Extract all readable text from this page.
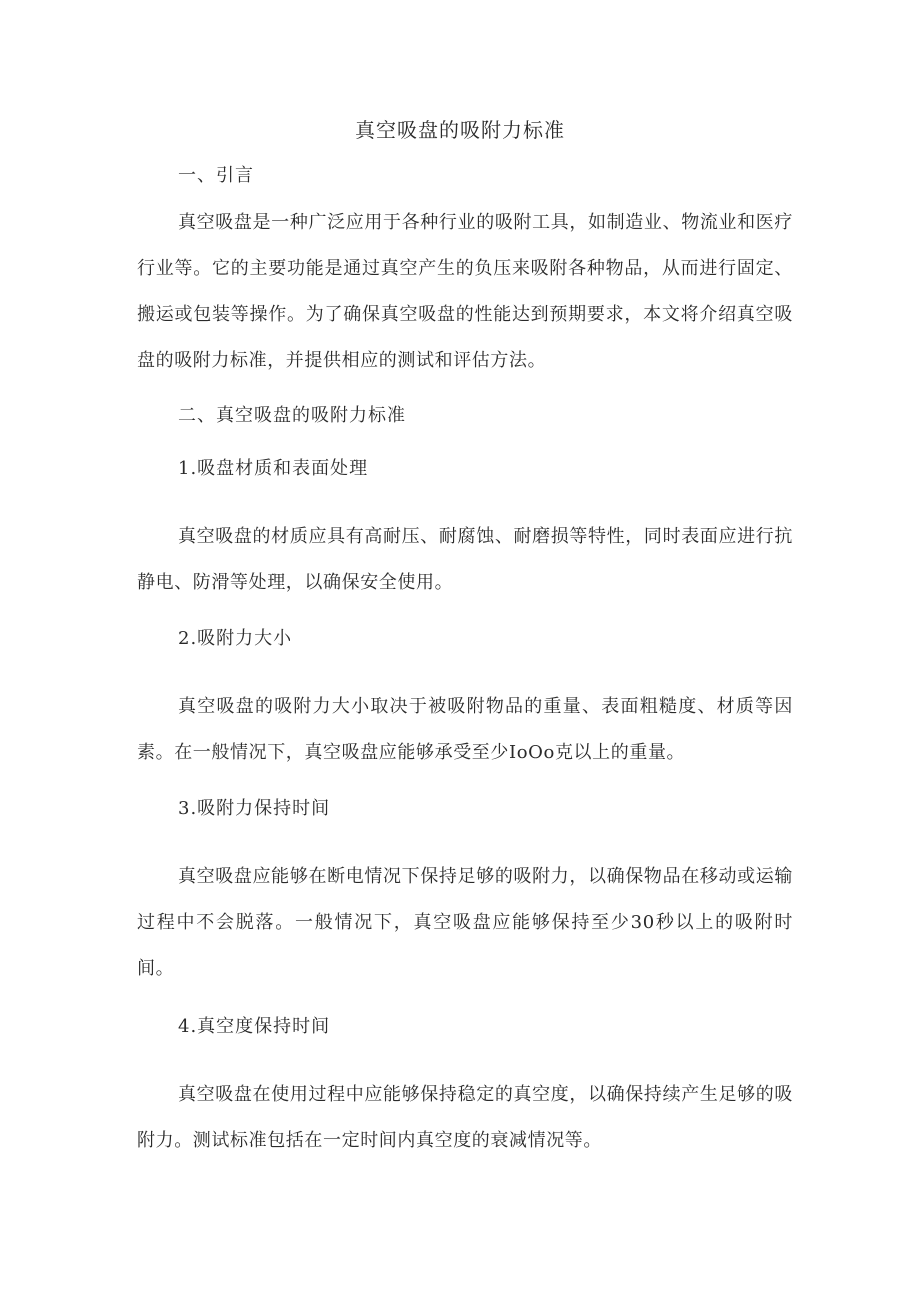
真空吸盘的吸附力标准

一、引言

真空吸盘是一种广泛应用于各种行业的吸附工具，如制造业、物流业和医疗行业等。它的主要功能是通过真空产生的负压来吸附各种物品，从而进行固定、搬运或包装等操作。为了确保真空吸盘的性能达到预期要求，本文将介绍真空吸盘的吸附力标准，并提供相应的测试和评估方法。

二、真空吸盘的吸附力标准

1.吸盘材质和表面处理

真空吸盘的材质应具有高耐压、耐腐蚀、耐磨损等特性，同时表面应进行抗静电、防滑等处理，以确保安全使用。

2.吸附力大小

真空吸盘的吸附力大小取决于被吸附物品的重量、表面粗糙度、材质等因素。在一般情况下，真空吸盘应能够承受至少IoOo克以上的重量。

3.吸附力保持时间

真空吸盘应能够在断电情况下保持足够的吸附力，以确保物品在移动或运输过程中不会脱落。一般情况下，真空吸盘应能够保持至少30秒以上的吸附时间。

4.真空度保持时间

真空吸盘在使用过程中应能够保持稳定的真空度，以确保持续产生足够的吸附力。测试标准包括在一定时间内真空度的衰减情况等。
